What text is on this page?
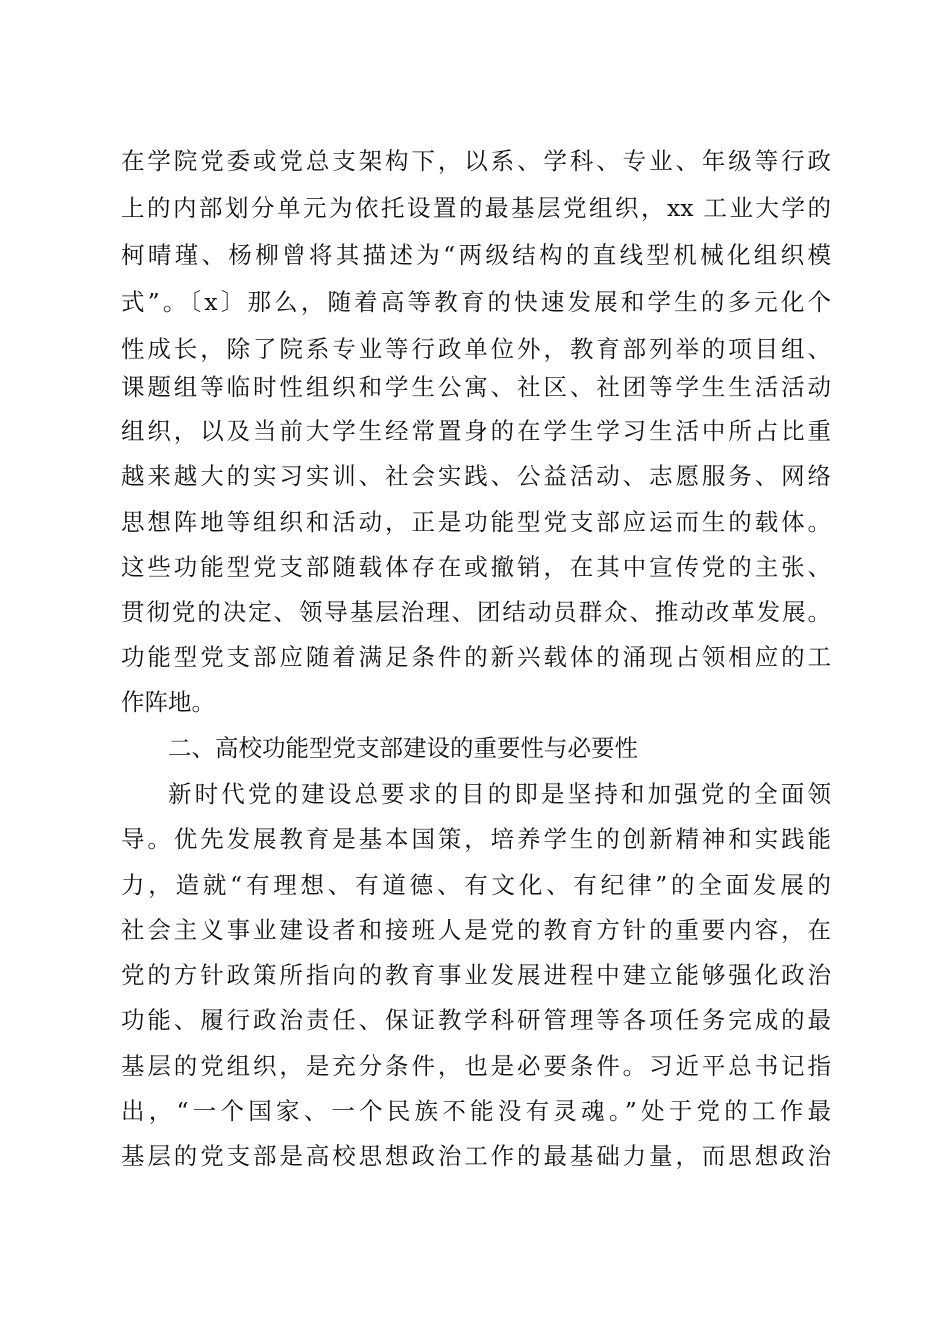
在学院党委或党总支架构下，以系、学科、专业、年级等行政
上的内部划分单元为依托设置的最基层党组织，xx 工业大学的
柯晴瑾、杨柳曾将其描述为“两级结构的直线型机械化组织模
式”。〔x〕那么，随着高等教育的快速发展和学生的多元化个
性成长，除了院系专业等行政单位外，教育部列举的项目组、
课题组等临时性组织和学生公寓、社区、社团等学生生活活动
组织，以及当前大学生经常置身的在学生学习生活中所占比重
越来越大的实习实训、社会实践、公益活动、志愿服务、网络
思想阵地等组织和活动，正是功能型党支部应运而生的载体。
这些功能型党支部随载体存在或撤销，在其中宣传党的主张、
贯彻党的决定、领导基层治理、团结动员群众、推动改革发展。
功能型党支部应随着满足条件的新兴载体的涌现占领相应的工
作阵地。
二、高校功能型党支部建设的重要性与必要性
新时代党的建设总要求的目的即是坚持和加强党的全面领
导。优先发展教育是基本国策，培养学生的创新精神和实践能
力，造就“有理想、有道德、有文化、有纪律”的全面发展的
社会主义事业建设者和接班人是党的教育方针的重要内容，在
党的方针政策所指向的教育事业发展进程中建立能够强化政治
功能、履行政治责任、保证教学科研管理等各项任务完成的最
基层的党组织，是充分条件，也是必要条件。习近平总书记指
出，“一个国家、一个民族不能没有灵魂。”处于党的工作最
基层的党支部是高校思想政治工作的最基础力量，而思想政治
